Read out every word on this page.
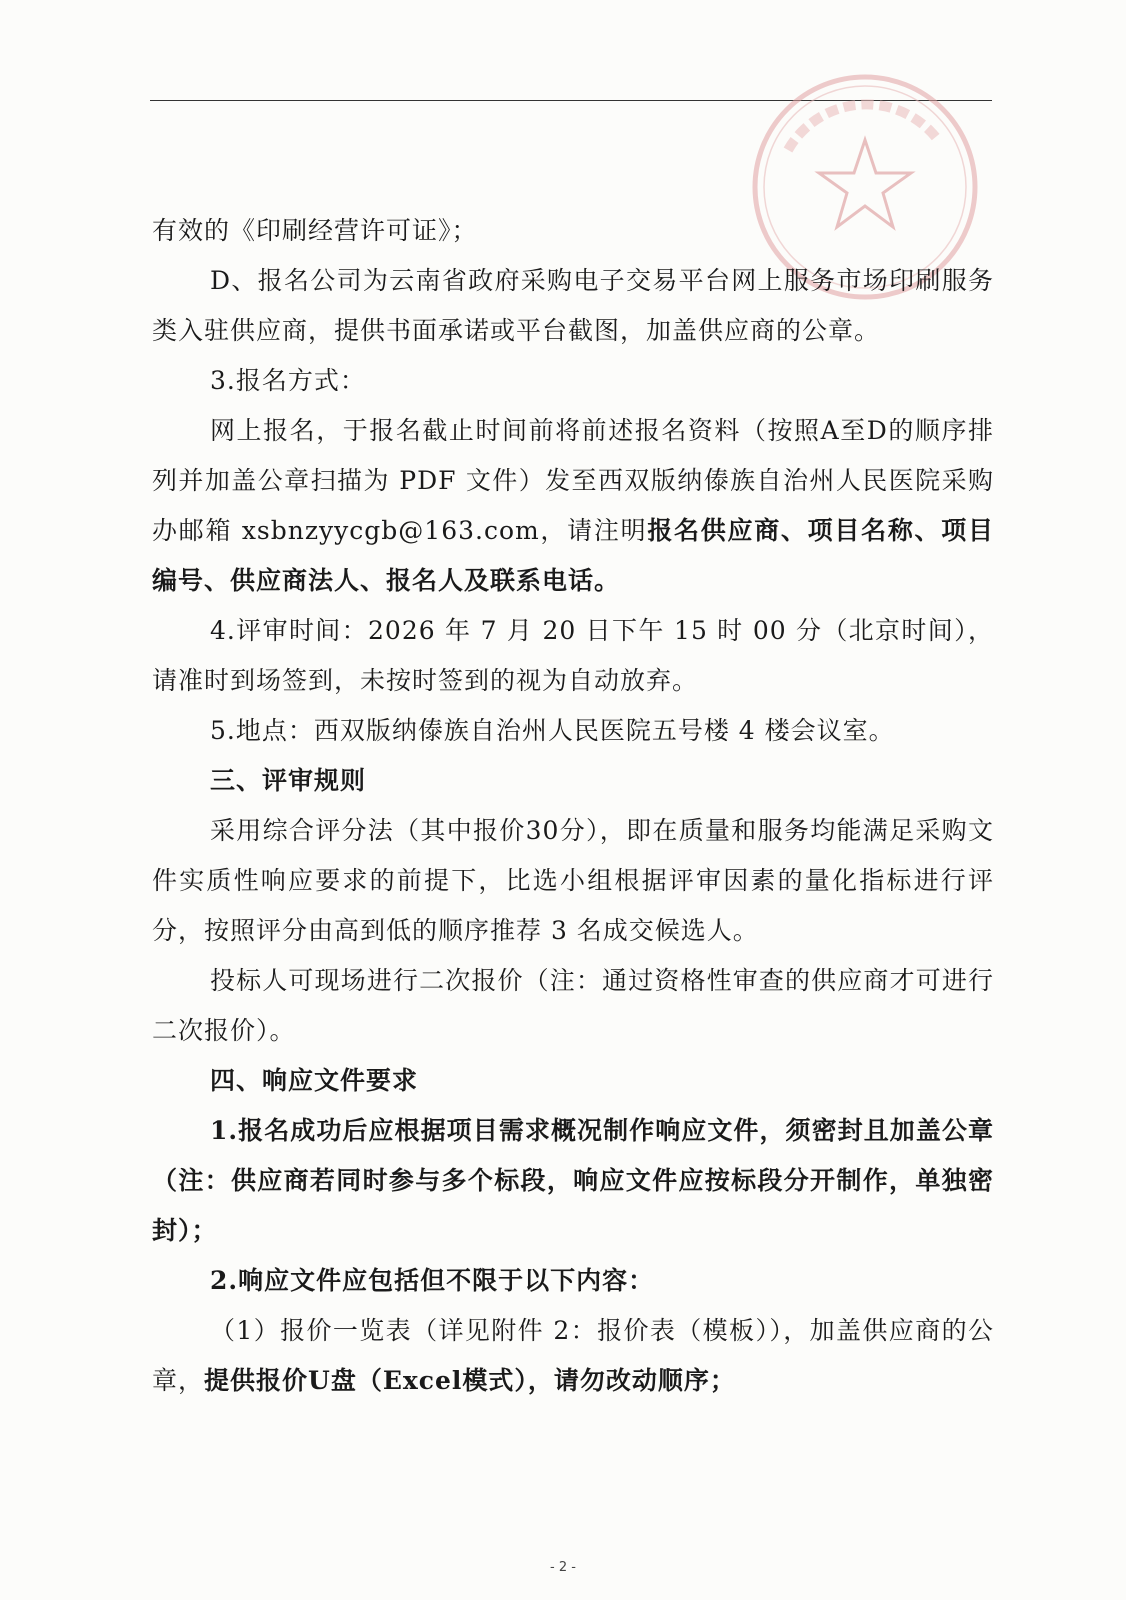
有效的《印刷经营许可证》；

D、报名公司为云南省政府采购电子交易平台网上服务市场印刷服务类入驻供应商，提供书面承诺或平台截图，加盖供应商的公章。

3.报名方式：

网上报名，于报名截止时间前将前述报名资料（按照A至D的顺序排列并加盖公章扫描为 PDF 文件）发至西双版纳傣族自治州人民医院采购办邮箱 xsbnzyycgb@163.com，请注明报名供应商、项目名称、项目编号、供应商法人、报名人及联系电话。

4.评审时间：2026 年 7 月 20 日下午 15 时 00 分（北京时间），请准时到场签到，未按时签到的视为自动放弃。

5.地点：西双版纳傣族自治州人民医院五号楼 4 楼会议室。

三、评审规则

采用综合评分法（其中报价30分），即在质量和服务均能满足采购文件实质性响应要求的前提下，比选小组根据评审因素的量化指标进行评分，按照评分由高到低的顺序推荐 3 名成交候选人。

投标人可现场进行二次报价（注：通过资格性审查的供应商才可进行二次报价）。

四、响应文件要求

1.报名成功后应根据项目需求概况制作响应文件，须密封且加盖公章（注：供应商若同时参与多个标段，响应文件应按标段分开制作，单独密封）；

2.响应文件应包括但不限于以下内容：

（1）报价一览表（详见附件 2：报价表（模板）），加盖供应商的公章，提供报价U盘（Excel模式），请勿改动顺序；

- 2 -
